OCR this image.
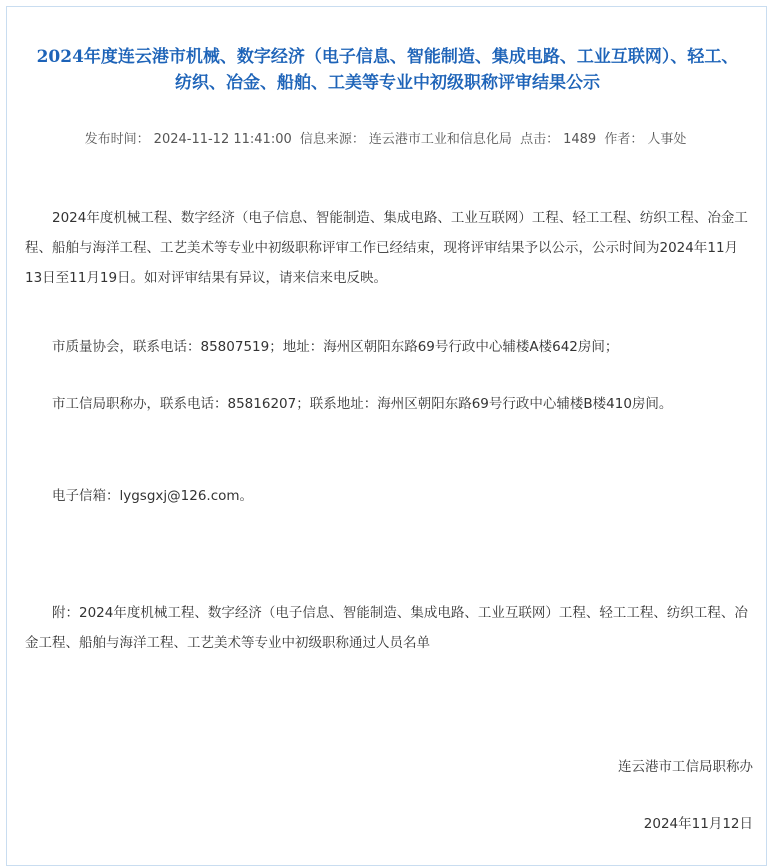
2024年度连云港市机械、数字经济（电子信息、智能制造、集成电路、工业互联网）、轻工、纺织、冶金、船舶、工美等专业中初级职称评审结果公示
发布时间： 2024-11-12 11:41:00 信息来源： 连云港市工业和信息化局 点击： 1489 作者： 人事处

2024年度机械工程、数字经济（电子信息、智能制造、集成电路、工业互联网）工程、轻工工程、纺织工程、冶金工程、船舶与海洋工程、工艺美术等专业中初级职称评审工作已经结束，现将评审结果予以公示，公示时间为2024年11月13日至11月19日。如对评审结果有异议，请来信来电反映。

市质量协会，联系电话：85807519；地址：海州区朝阳东路69号行政中心辅楼A楼642房间；

市工信局职称办，联系电话：85816207；联系地址：海州区朝阳东路69号行政中心辅楼B楼410房间。

电子信箱：lygsgxj@126.com。

附：2024年度机械工程、数字经济（电子信息、智能制造、集成电路、工业互联网）工程、轻工工程、纺织工程、冶金工程、船舶与海洋工程、工艺美术等专业中初级职称通过人员名单

连云港市工信局职称办
2024年11月12日
